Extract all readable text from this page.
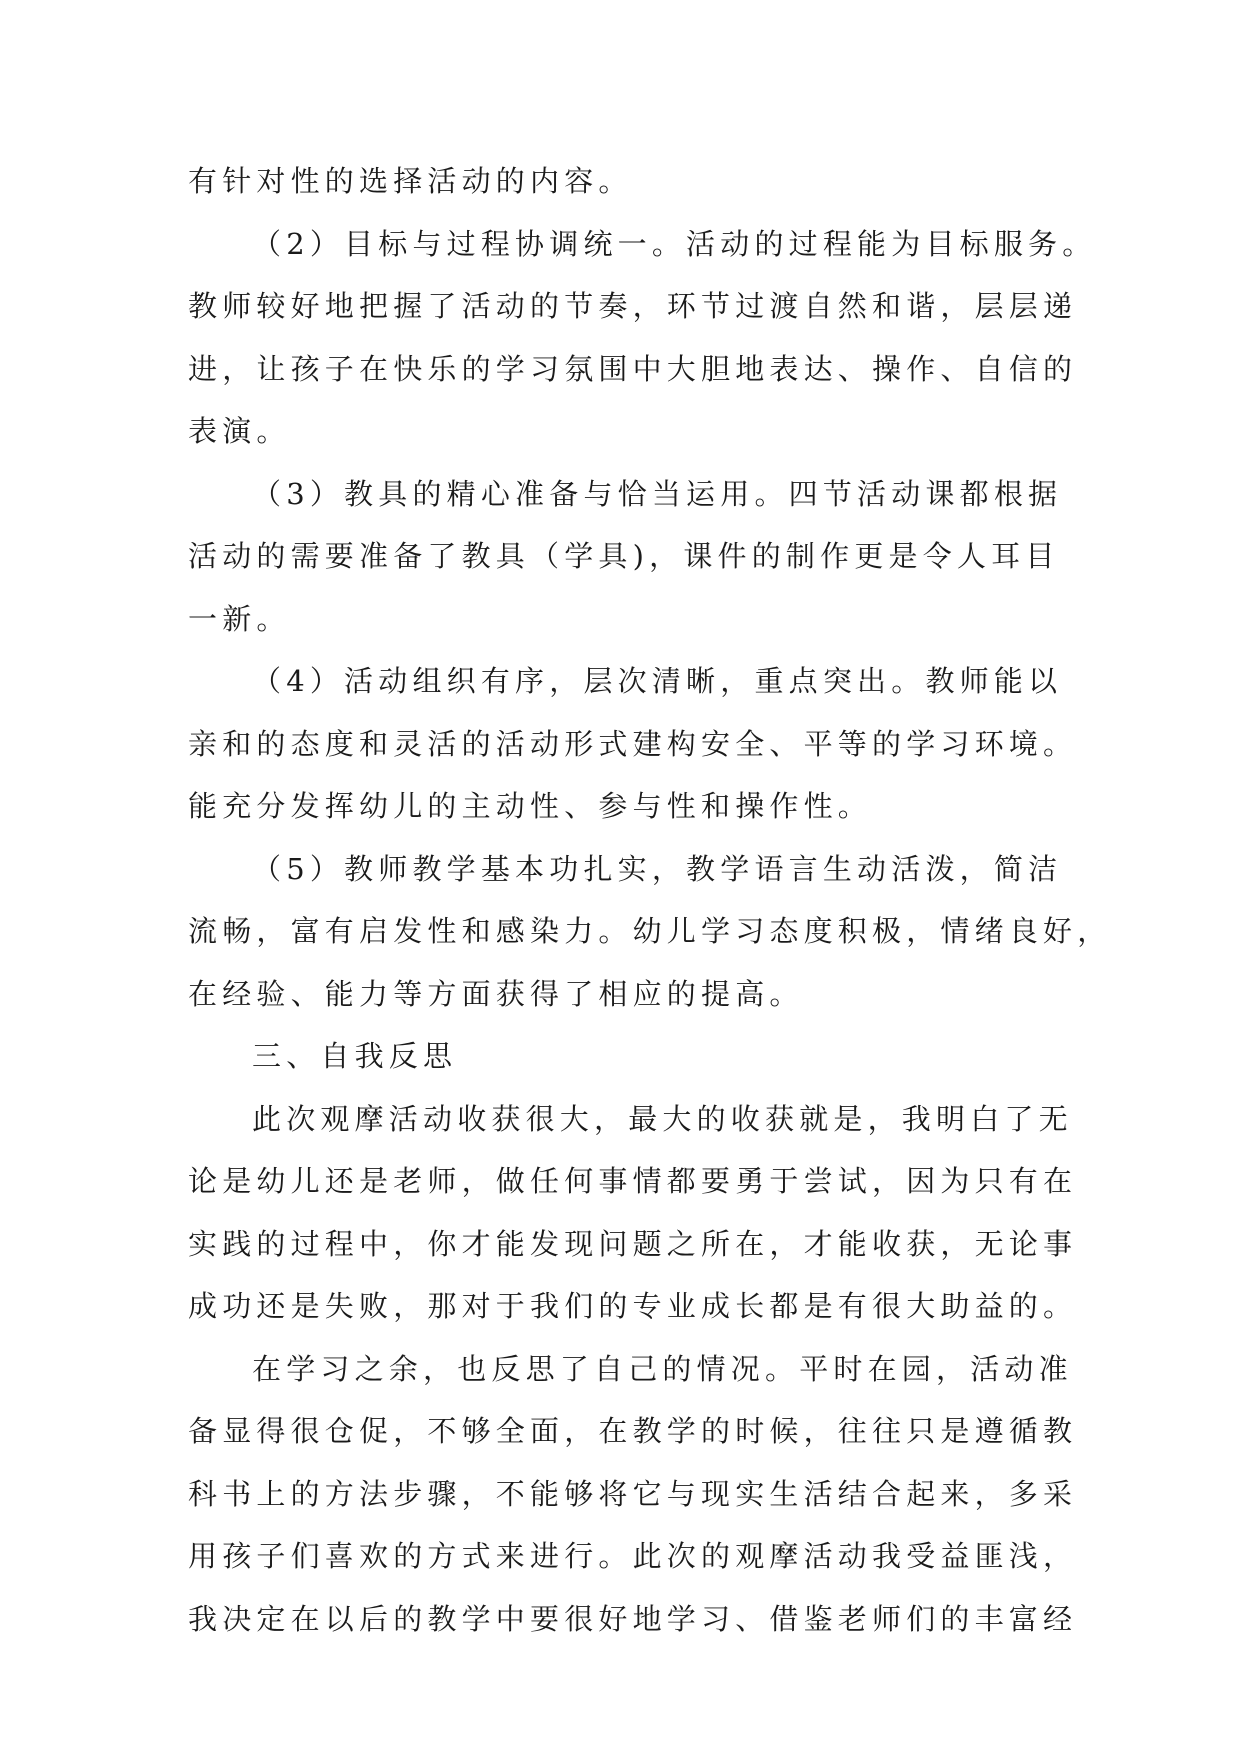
有针对性的选择活动的内容。
（2）目标与过程协调统一。活动的过程能为目标服务。
教师较好地把握了活动的节奏，环节过渡自然和谐，层层递
进，让孩子在快乐的学习氛围中大胆地表达、操作、自信的
表演。
（3）教具的精心准备与恰当运用。四节活动课都根据
活动的需要准备了教具（学具)，课件的制作更是令人耳目
一新。
（4）活动组织有序，层次清晰，重点突出。教师能以
亲和的态度和灵活的活动形式建构安全、平等的学习环境。
能充分发挥幼儿的主动性、参与性和操作性。
（5）教师教学基本功扎实，教学语言生动活泼，简洁
流畅，富有启发性和感染力。幼儿学习态度积极，情绪良好，
在经验、能力等方面获得了相应的提高。
三、自我反思
此次观摩活动收获很大，最大的收获就是，我明白了无
论是幼儿还是老师，做任何事情都要勇于尝试，因为只有在
实践的过程中，你才能发现问题之所在，才能收获，无论事
成功还是失败，那对于我们的专业成长都是有很大助益的。
在学习之余，也反思了自己的情况。平时在园，活动准
备显得很仓促，不够全面，在教学的时候，往往只是遵循教
科书上的方法步骤，不能够将它与现实生活结合起来，多采
用孩子们喜欢的方式来进行。此次的观摩活动我受益匪浅，
我决定在以后的教学中要很好地学习、借鉴老师们的丰富经
